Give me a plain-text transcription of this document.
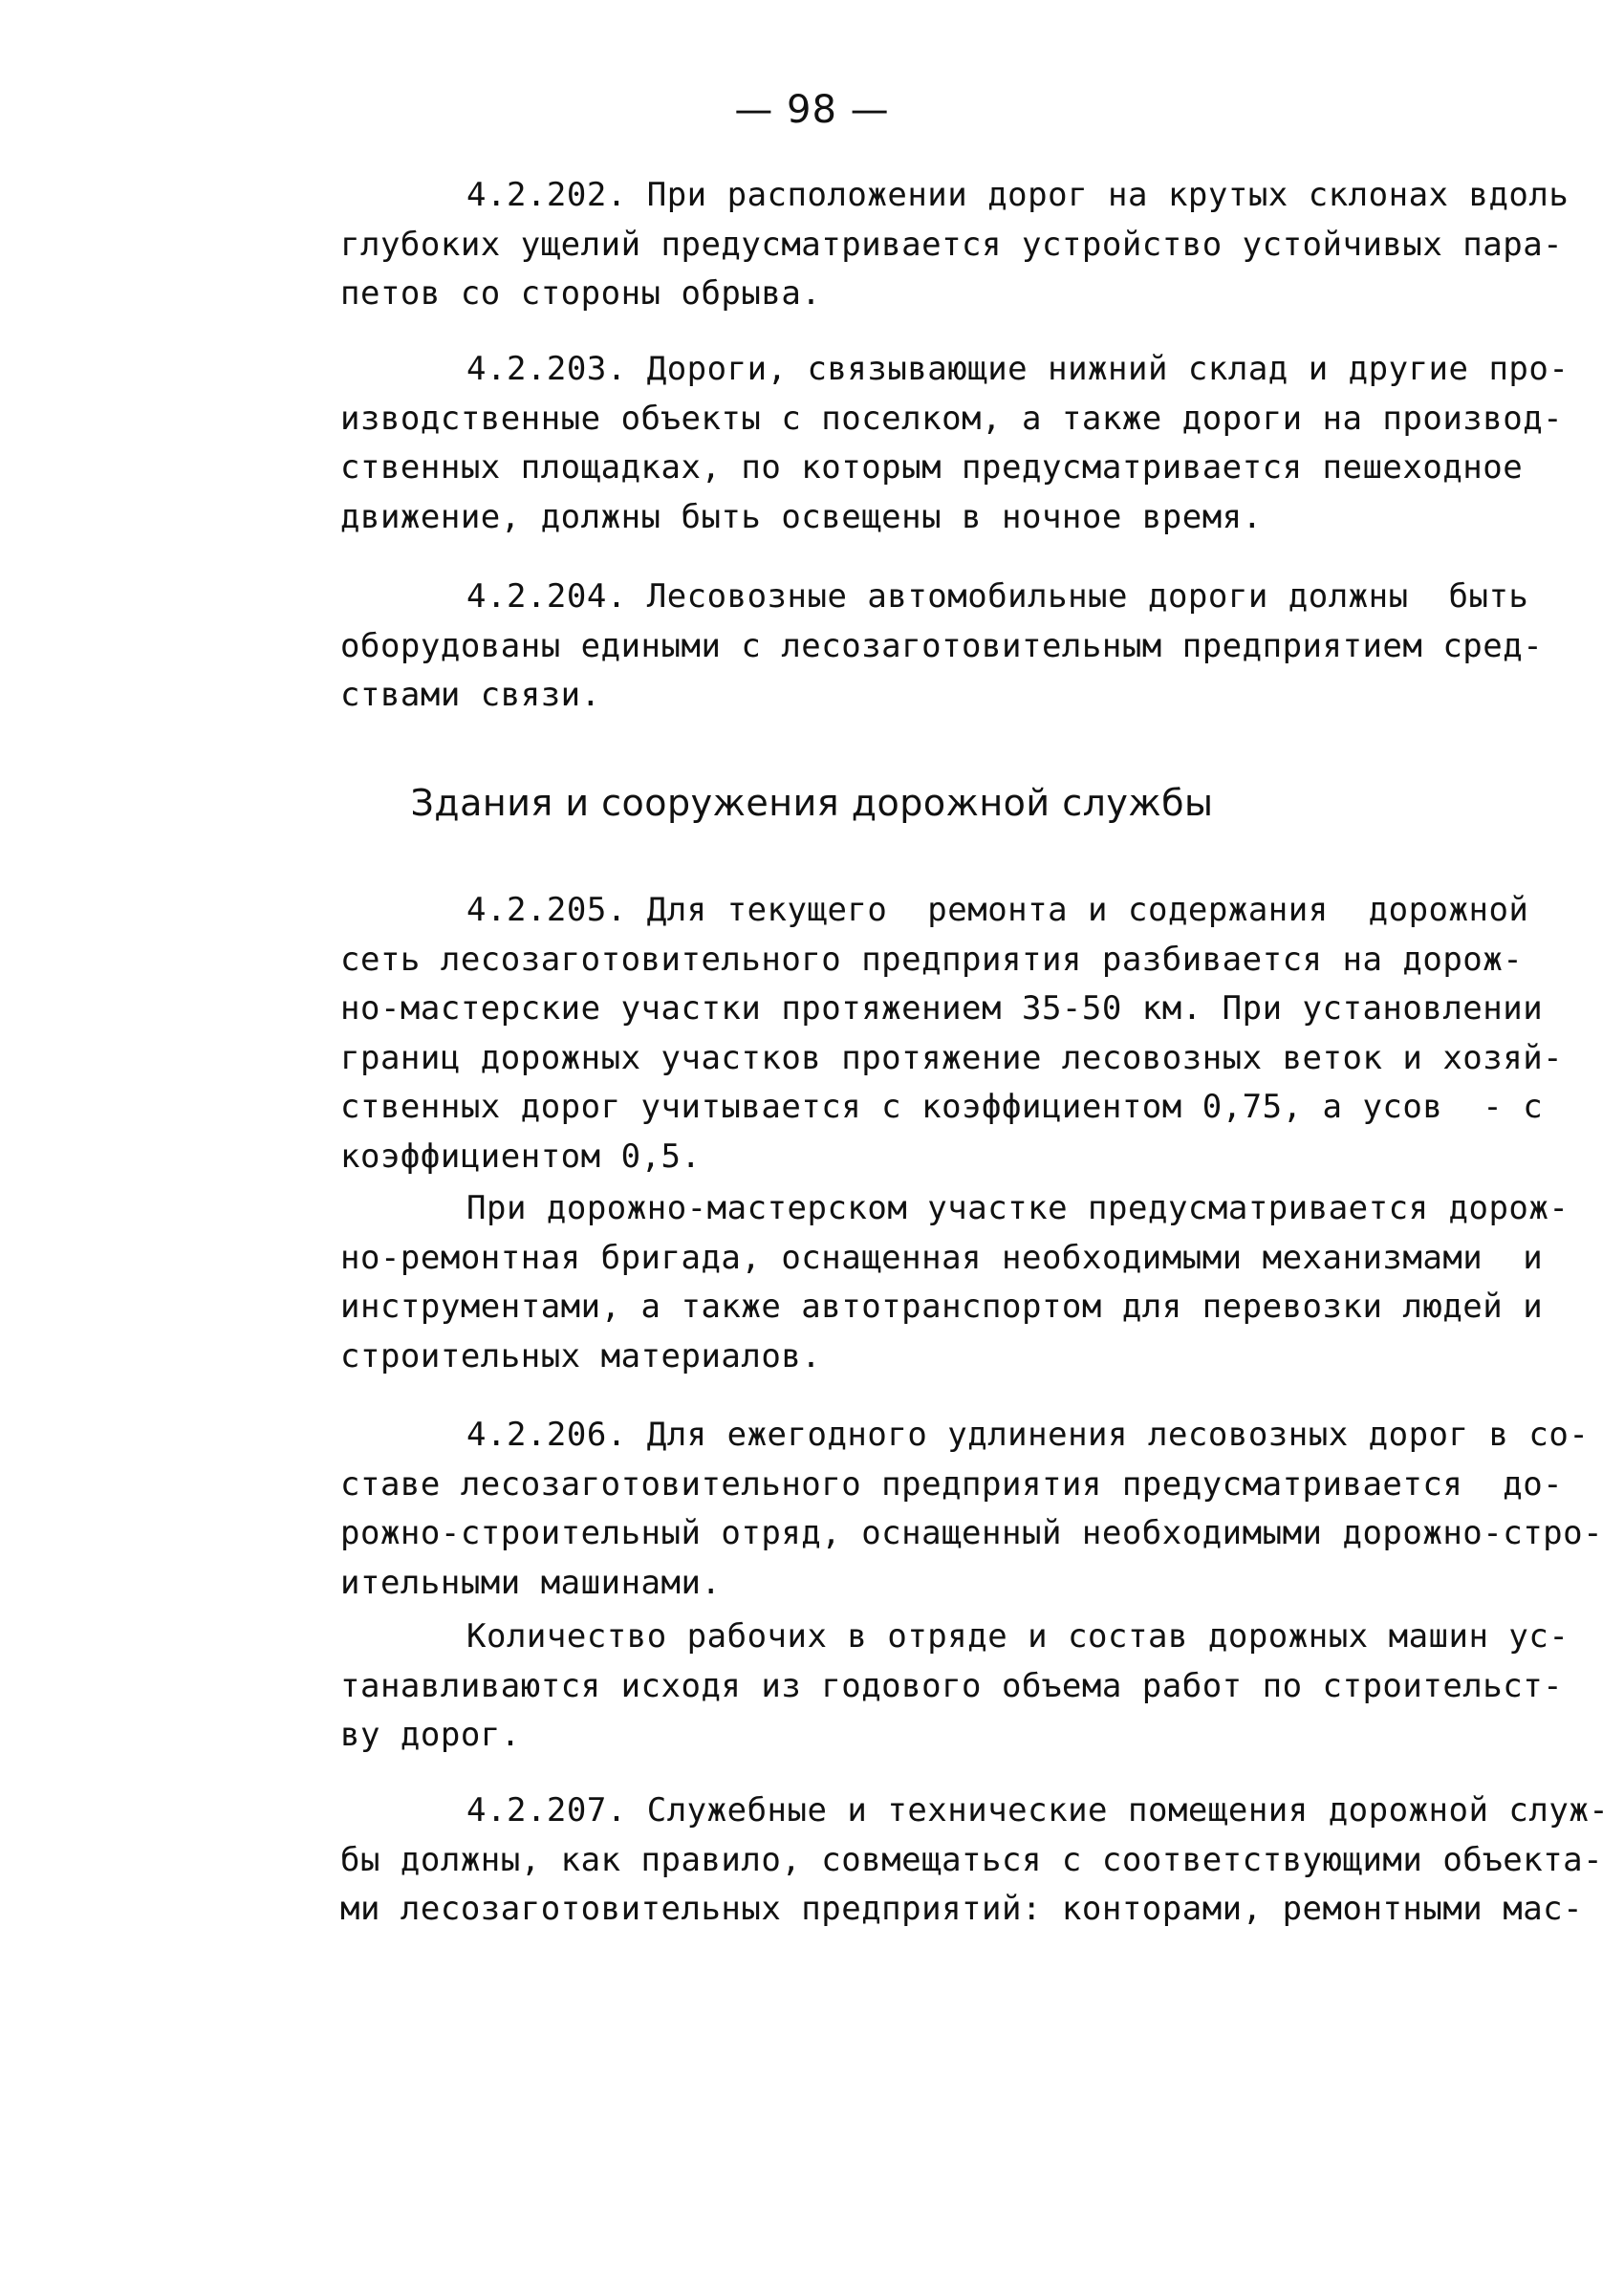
— 98 —
4.2.202. При расположении дорог на крутых склонах вдоль
глубоких ущелий предусматривается устройство устойчивых пара-
петов со стороны обрыва.
4.2.203. Дороги, связывающие нижний склад и другие про-
изводственные объекты с поселком, а также дороги на производ-
ственных площадках, по которым предусматривается пешеходное
движение, должны быть освещены в ночное время.
4.2.204. Лесовозные автомобильные дороги должны  быть
оборудованы едиными с лесозаготовительным предприятием сред-
ствами связи.
Здания и сооружения дорожной службы
4.2.205. Для текущего  ремонта и содержания  дорожной
сеть лесозаготовительного предприятия разбивается на дорож-
но-мастерские участки протяжением 35-50 км. При установлении
границ дорожных участков протяжение лесовозных веток и хозяй-
ственных дорог учитывается с коэффициентом 0,75, а усов  - с
коэффициентом 0,5.
При дорожно-мастерском участке предусматривается дорож-
но-ремонтная бригада, оснащенная необходимыми механизмами  и
инструментами, а также автотранспортом для перевозки людей и
строительных материалов.
4.2.206. Для ежегодного удлинения лесовозных дорог в со-
ставе лесозаготовительного предприятия предусматривается  до-
рожно-строительный отряд, оснащенный необходимыми дорожно-стро-
ительными машинами.
Количество рабочих в отряде и состав дорожных машин ус-
танавливаются исходя из годового объема работ по строительст-
ву дорог.
4.2.207. Служебные и технические помещения дорожной служ-
бы должны, как правило, совмещаться с соответствующими объекта-
ми лесозаготовительных предприятий: конторами, ремонтными мас-
